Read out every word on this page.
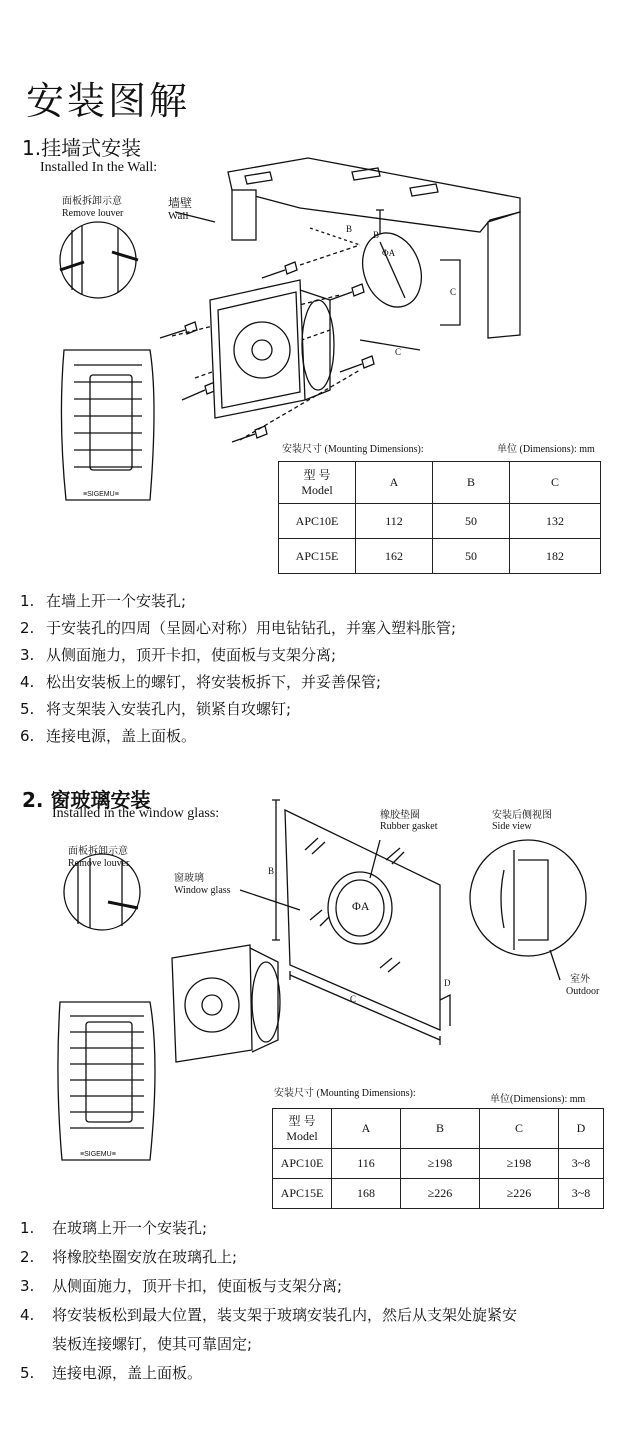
安装图解
1.挂墙式安装
Installed In the Wall:
B
B
ΦA
C
C
≡SIGEMU≡
面板拆卸示意
Remove louver
墙壁
Wall
安装尺寸 (Mounting Dimensions):	单位 (Dimensions): mm
型 号
Model	A	B	C
APC10E	112	50	132
APC15E	162	50	182
1. 在墙上开一个安装孔;
2. 于安装孔的四周（呈圆心对称）用电钻钻孔，并塞入塑料胀管;
3. 从侧面施力，顶开卡扣，使面板与支架分离;
4. 松出安装板上的螺钉，将安装板拆下，并妥善保管;
5. 将支架装入安装孔内，锁紧自攻螺钉;
6. 连接电源，盖上面板。
2. 窗玻璃安装
Installed in the window glass:
B
ΦA
C
D
≡SIGEMU≡
面板拆卸示意
Remove louver
窗玻璃
Window glass
橡胶垫圈
Rubber gasket
安装后侧视图
Side view
室外
Outdoor
安装尺寸 (Mounting Dimensions):
单位(Dimensions): mm
型 号
Model	A	B	C	D
APC10E	116	≥198	≥198	3~8
APC15E	168	≥226	≥226	3~8
1. 在玻璃上开一个安装孔;
2. 将橡胶垫圈安放在玻璃孔上;
3. 从侧面施力，顶开卡扣，使面板与支架分离;
4. 将安装板松到最大位置，装支架于玻璃安装孔内，然后从支架处旋紧安
装板连接螺钉，使其可靠固定;
5. 连接电源，盖上面板。
